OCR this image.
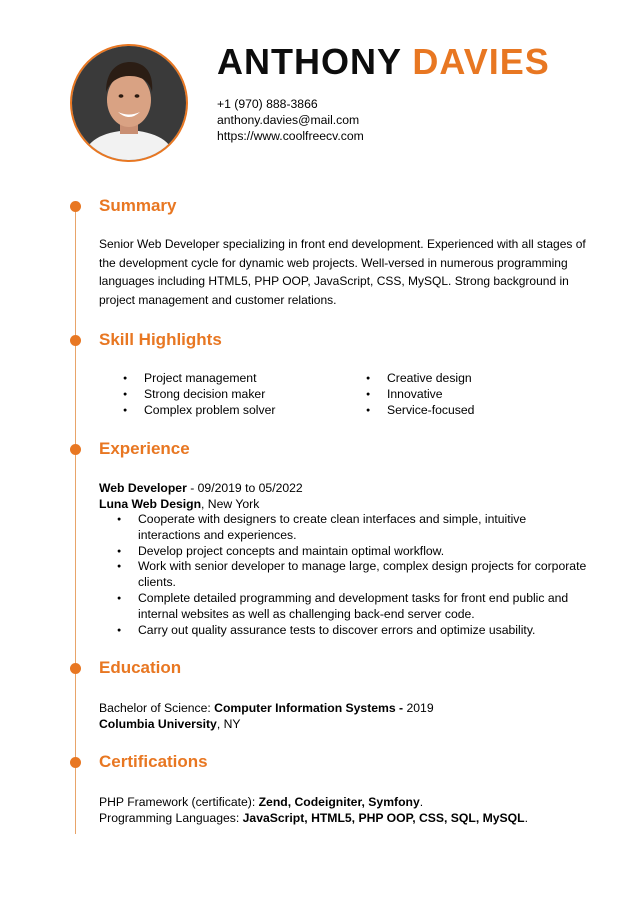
ANTHONY DAVIES
+1 (970) 888-3866
anthony.davies@mail.com
https://www.coolfreecv.com
Summary

Senior Web Developer specializing in front end development. Experienced with all stages of the development cycle for dynamic web projects. Well-versed in numerous programming languages including HTML5, PHP OOP, JavaScript, CSS, MySQL. Strong background in project management and customer relations.

Skill Highlights
● Project management
● Strong decision maker
● Complex problem solver
● Creative design
● Innovative
● Service-focused
Experience
Web Developer - 09/2019 to 05/2022
Luna Web Design, New York
● Cooperate with designers to create clean interfaces and simple, intuitive interactions and experiences.
● Develop project concepts and maintain optimal workflow.
● Work with senior developer to manage large, complex design projects for corporate clients.
● Complete detailed programming and development tasks for front end public and internal websites as well as challenging back-end server code.
● Carry out quality assurance tests to discover errors and optimize usability.
Education
Bachelor of Science: Computer Information Systems - 2019
Columbia University, NY
Certifications
PHP Framework (certificate): Zend, Codeigniter, Symfony.
Programming Languages: JavaScript, HTML5, PHP OOP, CSS, SQL, MySQL.
